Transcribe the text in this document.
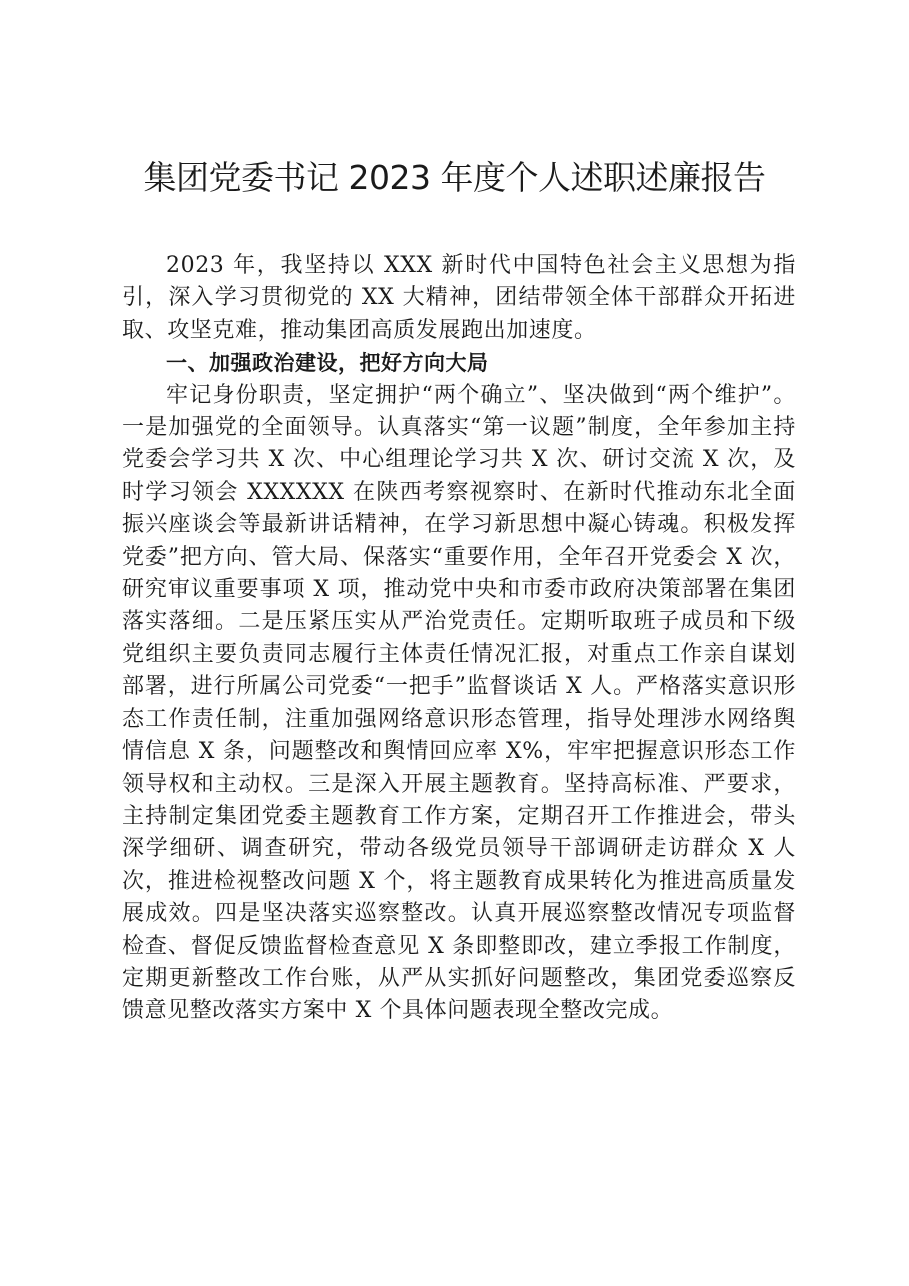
集团党委书记 2023 年度个人述职述廉报告

2023 年，我坚持以 XXX 新时代中国特色社会主义思想为指引，深入学习贯彻党的 XX 大精神，团结带领全体干部群众开拓进取、攻坚克难，推动集团高质发展跑出加速度。

一、加强政治建设，把好方向大局

牢记身份职责，坚定拥护“两个确立”、坚决做到“两个维护”。一是加强党的全面领导。认真落实“第一议题”制度，全年参加主持党委会学习共 X 次、中心组理论学习共 X 次、研讨交流 X 次，及时学习领会 XXXXXX 在陕西考察视察时、在新时代推动东北全面振兴座谈会等最新讲话精神，在学习新思想中凝心铸魂。积极发挥党委”把方向、管大局、保落实“重要作用，全年召开党委会 X 次，研究审议重要事项 X 项，推动党中央和市委市政府决策部署在集团落实落细。二是压紧压实从严治党责任。定期听取班子成员和下级党组织主要负责同志履行主体责任情况汇报，对重点工作亲自谋划部署，进行所属公司党委“一把手”监督谈话 X 人。严格落实意识形态工作责任制，注重加强网络意识形态管理，指导处理涉水网络舆情信息 X 条，问题整改和舆情回应率 X%，牢牢把握意识形态工作领导权和主动权。三是深入开展主题教育。坚持高标准、严要求，主持制定集团党委主题教育工作方案，定期召开工作推进会，带头深学细研、调查研究，带动各级党员领导干部调研走访群众 X 人次，推进检视整改问题 X 个，将主题教育成果转化为推进高质量发展成效。四是坚决落实巡察整改。认真开展巡察整改情况专项监督检查、督促反馈监督检查意见 X 条即整即改，建立季报工作制度，定期更新整改工作台账，从严从实抓好问题整改，集团党委巡察反馈意见整改落实方案中 X 个具体问题表现全整改完成。
